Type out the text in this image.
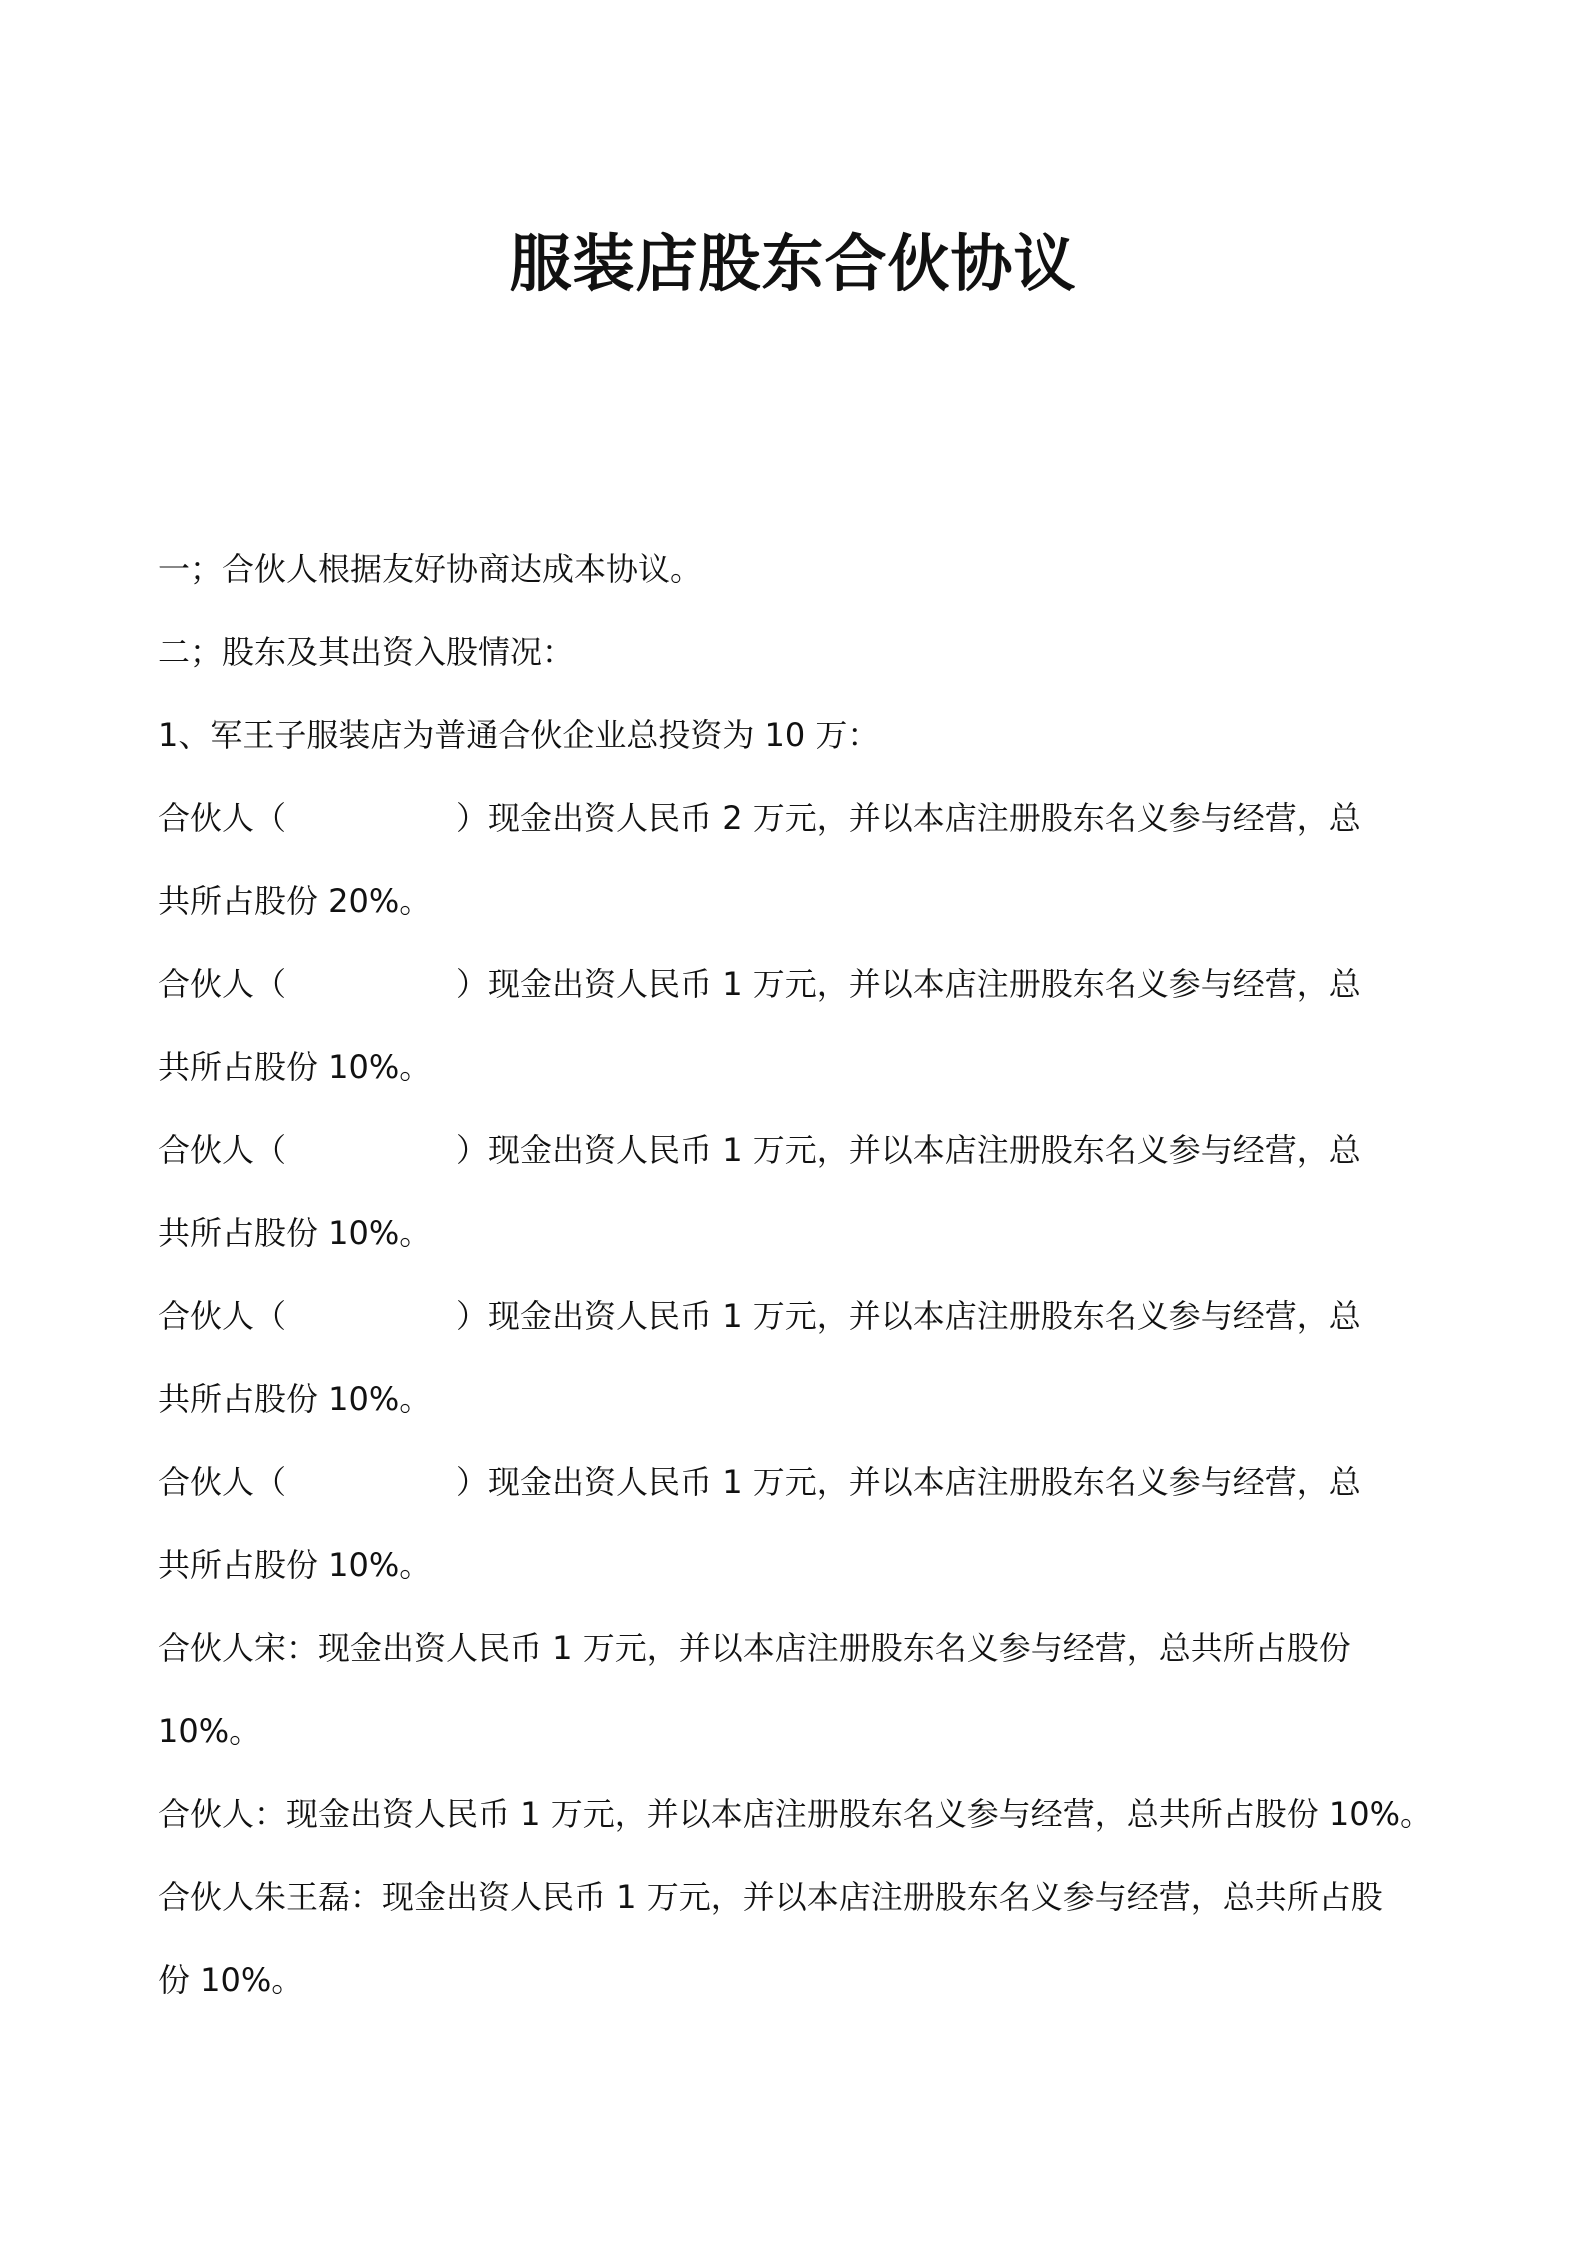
服装店股东合伙协议

一；合伙人根据友好协商达成本协议。

二；股东及其出资入股情况：

1、军王子服装店为普通合伙企业总投资为 10 万：

合伙人（	）现金出资人民币 2 万元，并以本店注册股东名义参与经营，总

共所占股份 20%。

合伙人（	）现金出资人民币 1 万元，并以本店注册股东名义参与经营，总

共所占股份 10%。

合伙人（	）现金出资人民币 1 万元，并以本店注册股东名义参与经营，总

共所占股份 10%。

合伙人（	）现金出资人民币 1 万元，并以本店注册股东名义参与经营，总

共所占股份 10%。

合伙人（	）现金出资人民币 1 万元，并以本店注册股东名义参与经营，总

共所占股份 10%。

合伙人宋：现金出资人民币 1 万元，并以本店注册股东名义参与经营，总共所占股份

10%。

合伙人：现金出资人民币 1 万元，并以本店注册股东名义参与经营，总共所占股份 10%。

合伙人朱王磊：现金出资人民币 1 万元，并以本店注册股东名义参与经营，总共所占股

份 10%。
